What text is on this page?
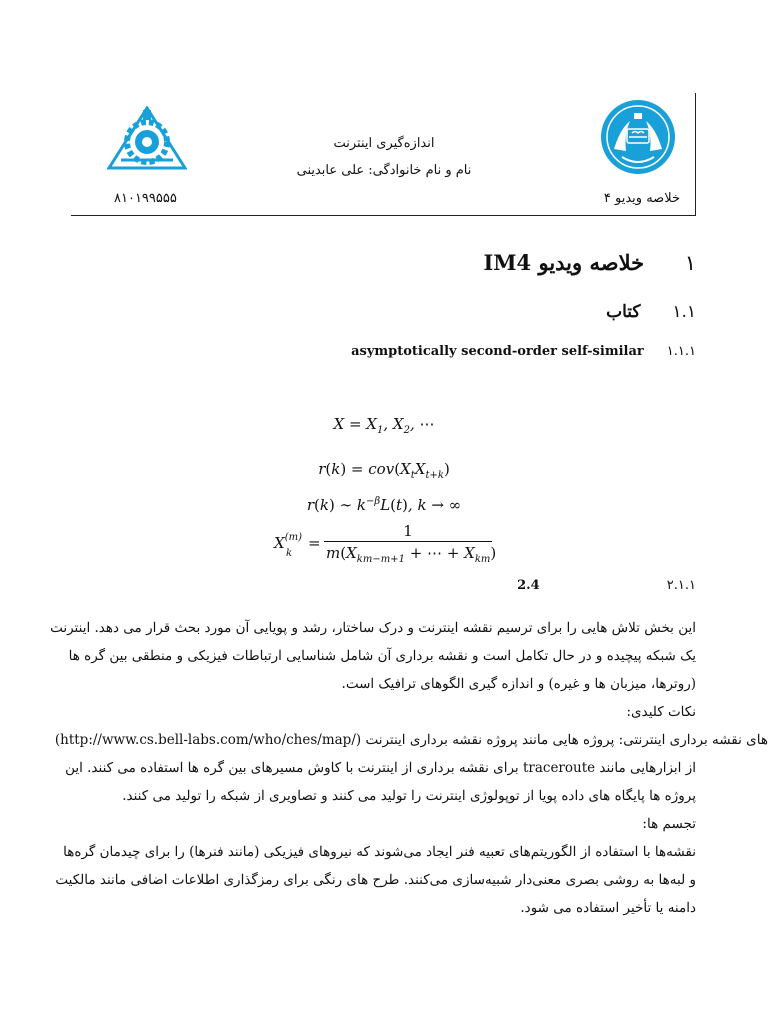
اندازه‌گیری اینترنت
نام و نام خانوادگی: علی عابدینی
خلاصه ویدیو ۴
۸۱۰۱۹۹۵۵۵
۱  خلاصه ویدیو IM4
۱.۱  کتاب
۱.۱.۱  asymptotically second-order self-similar
$X = X_1$, $X_2$, ⋯
$r(k) = cov(X_tX_{t+k})$
r(k) ∼ $k^{-\beta}L(t)$, k → ∞
$X^{(m)}$
k
=
1
$m(X_{km-m+1}$ + ⋯ + $X_{km}$)
۲.۱.۱  2.4
این بخش تلاش هایی را برای ترسیم نقشه اینترنت و درک ساختار، رشد و پویایی آن مورد بحث قرار می دهد. اینترنت
یک شبکه پیچیده و در حال تکامل است و نقشه برداری آن شامل شناسایی ارتباطات فیزیکی و منطقی بین گره ها
(روترها، میزبان ها و غیره) و اندازه گیری الگوهای ترافیک است.
نکات کلیدی:
های نقشه برداری اینترنتی: پروژه هایی مانند پروژه نقشه برداری اینترنت (http://www.cs.bell-labs.com/who/ches/map/)
از ابزارهایی مانند traceroute برای نقشه برداری از اینترنت با کاوش مسیرهای بین گره ها استفاده می کنند. این
پروژه ها پایگاه های داده پویا از توپولوژی اینترنت را تولید می کنند و تصاویری از شبکه را تولید می کنند.
تجسم ها:
نقشه‌ها با استفاده از الگوریتم‌های تعبیه فنر ایجاد می‌شوند که نیروهای فیزیکی (مانند فنرها) را برای چیدمان گره‌ها
و لبه‌ها به روشی بصری معنی‌دار شبیه‌سازی می‌کنند. طرح های رنگی برای رمزگذاری اطلاعات اضافی مانند مالکیت
دامنه یا تأخیر استفاده می شود.
